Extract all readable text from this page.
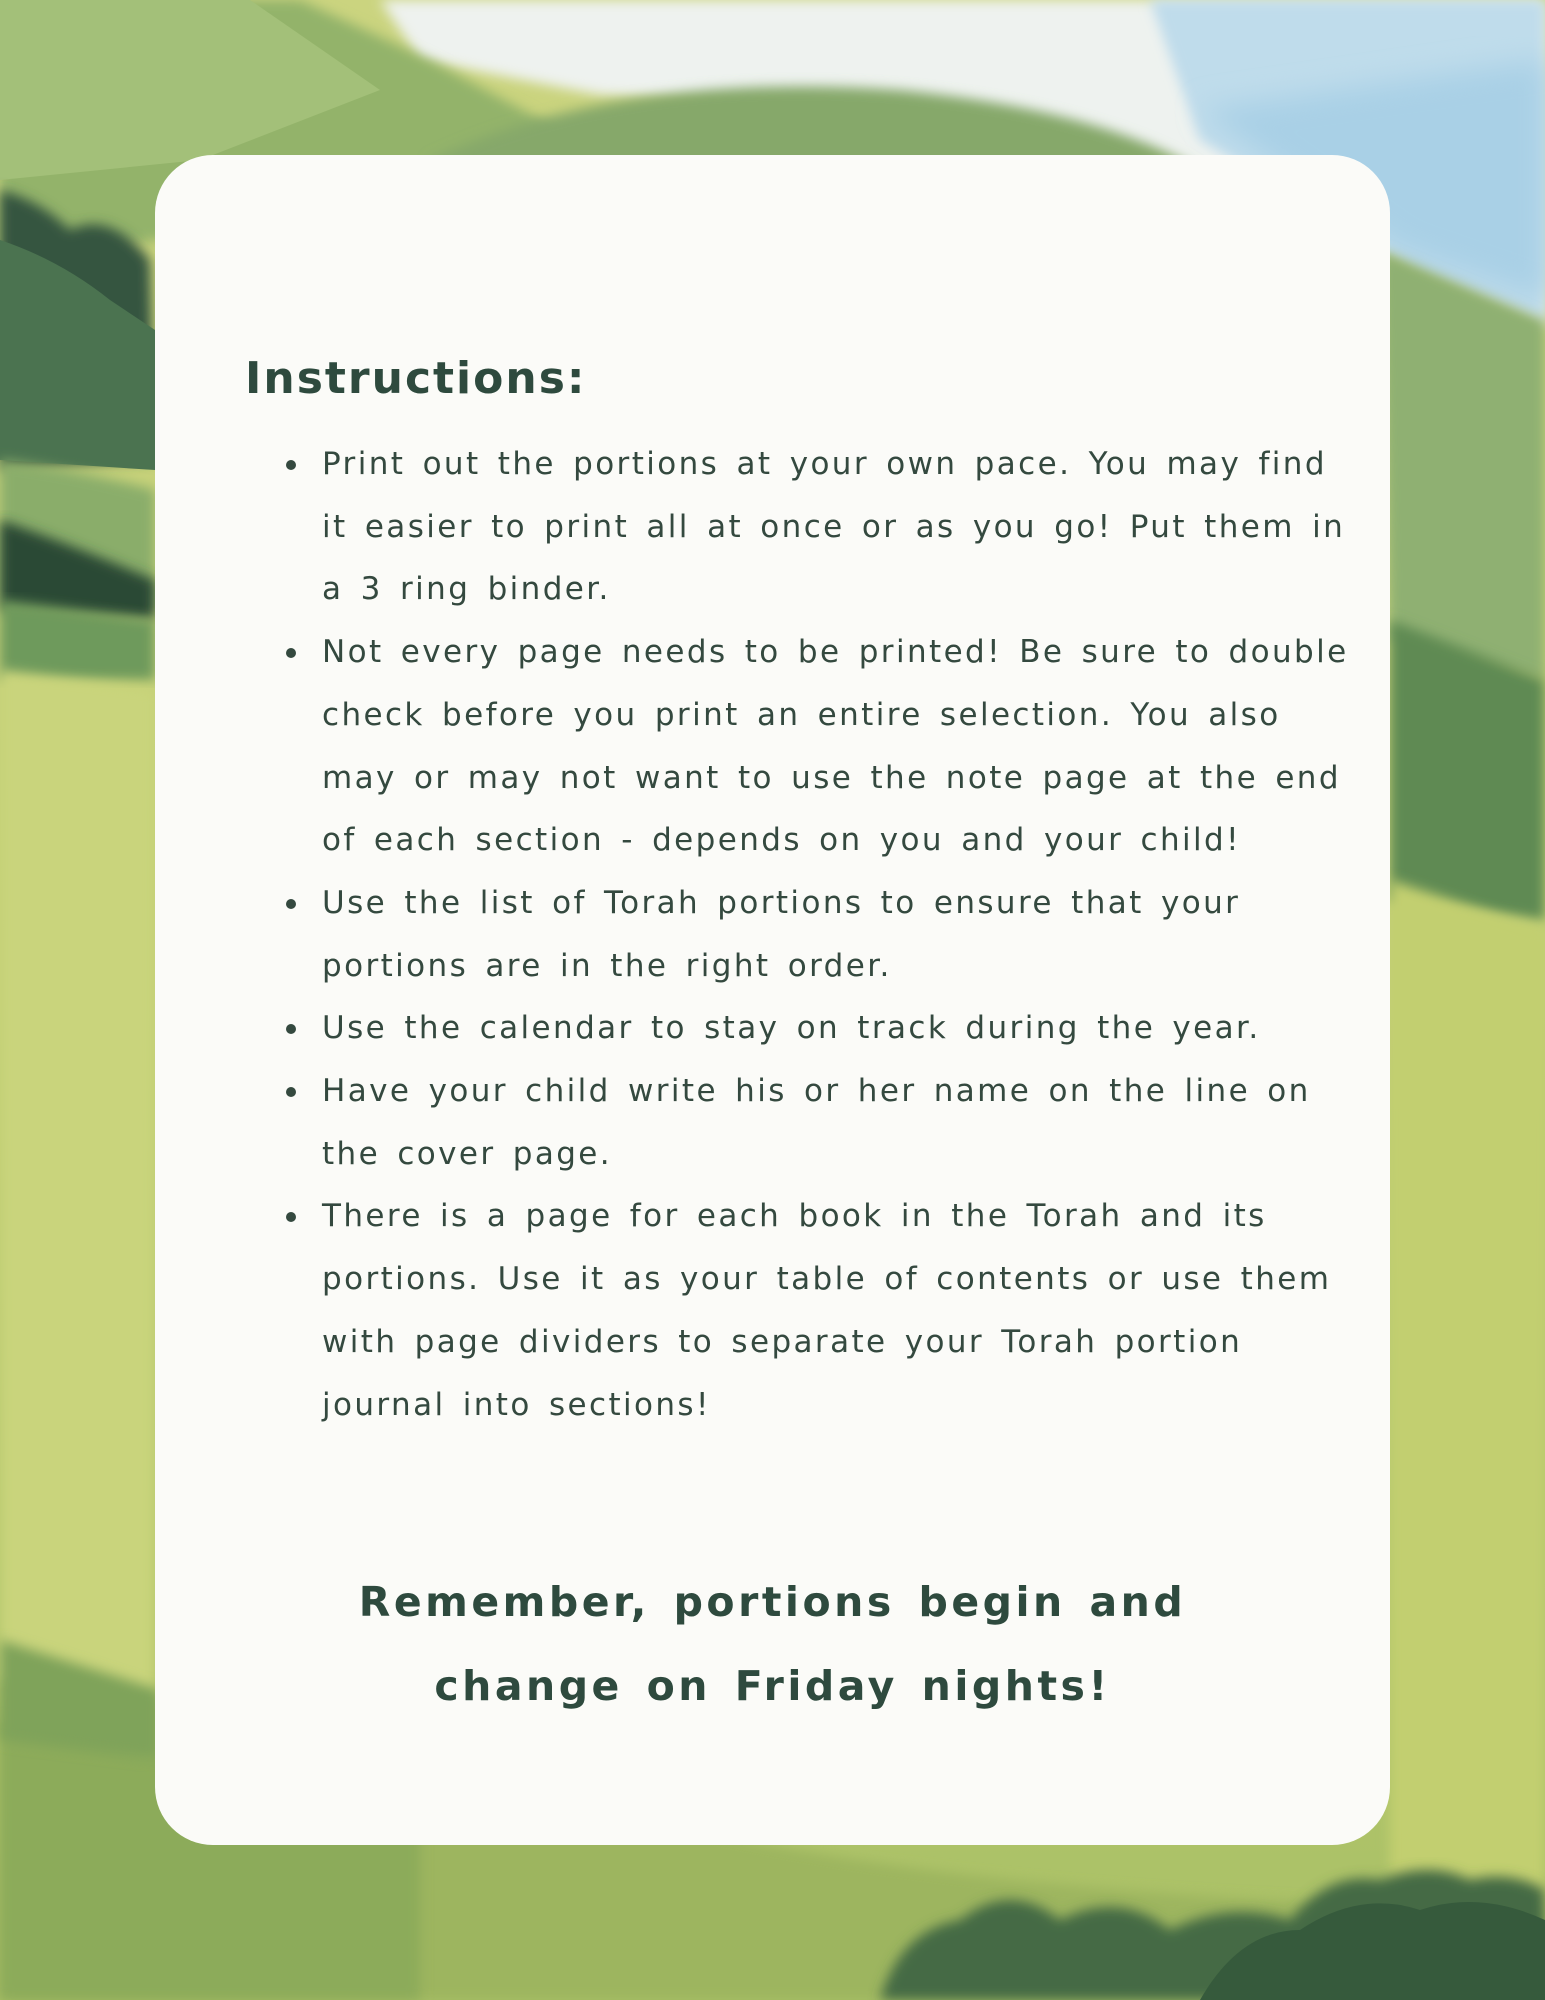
Instructions:
Print out the portions at your own pace. You may find it easier to print all at once or as you go! Put them in a 3 ring binder.
Not every page needs to be printed! Be sure to double check before you print an entire selection. You also may or may not want to use the note page at the end of each section - depends on you and your child!
Use the list of Torah portions to ensure that your portions are in the right order.
Use the calendar to stay on track during the year.
Have your child write his or her name on the line on the cover page.
There is a page for each book in the Torah and its portions. Use it as your table of contents or use them with page dividers to separate your Torah portion journal into sections!

Remember, portions begin and
change on Friday nights!
